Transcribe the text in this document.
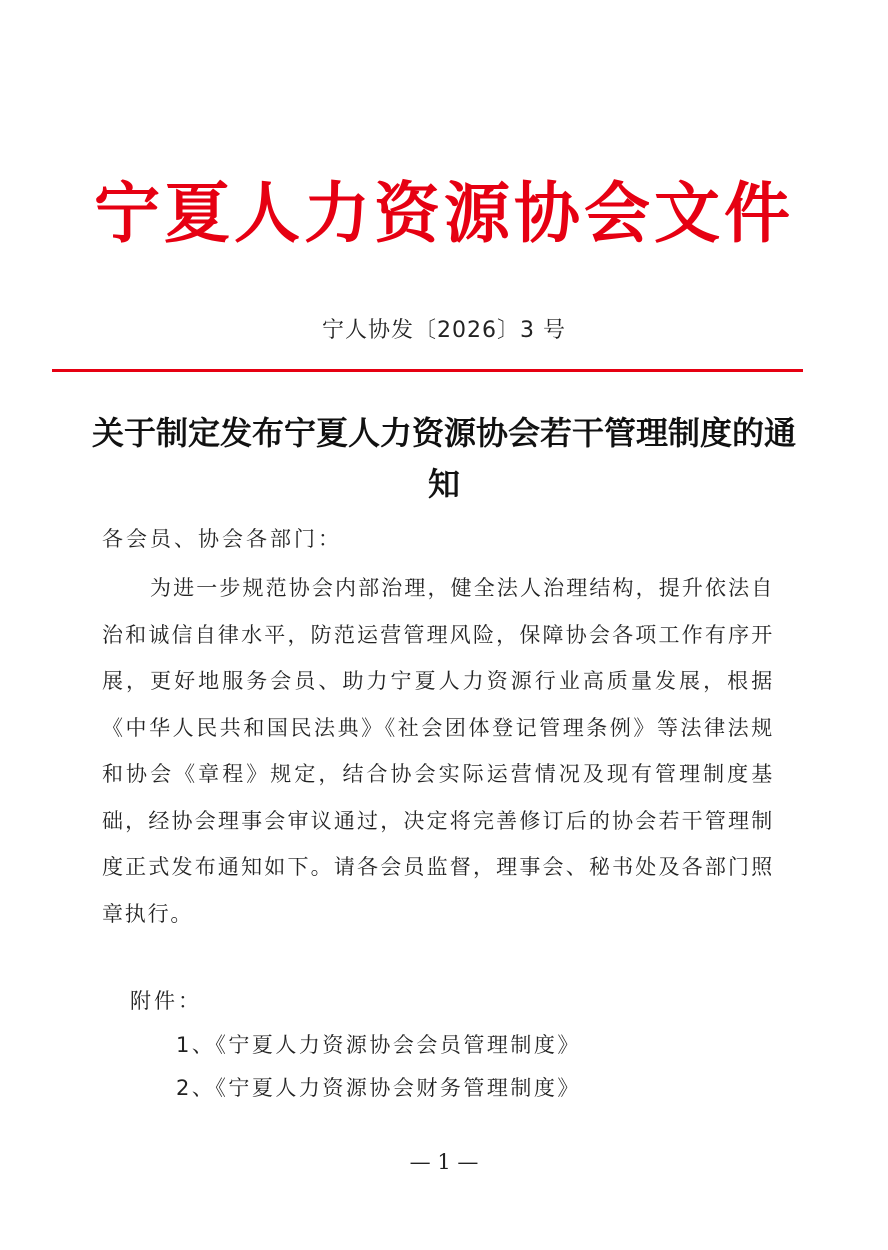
宁夏人力资源协会文件
宁人协发〔2026〕3 号
关于制定发布宁夏人力资源协会若干管理制度的通知
各会员、协会各部门：
为进一步规范协会内部治理，健全法人治理结构，提升依法自治和诚信自律水平，防范运营管理风险，保障协会各项工作有序开展，更好地服务会员、助力宁夏人力资源行业高质量发展，根据《中华人民共和国民法典》《社会团体登记管理条例》等法律法规和协会《章程》规定，结合协会实际运营情况及现有管理制度基础，经协会理事会审议通过，决定将完善修订后的协会若干管理制度正式发布通知如下。请各会员监督，理事会、秘书处及各部门照章执行。
附件：
1、《宁夏人力资源协会会员管理制度》
2、《宁夏人力资源协会财务管理制度》
— 1 —
